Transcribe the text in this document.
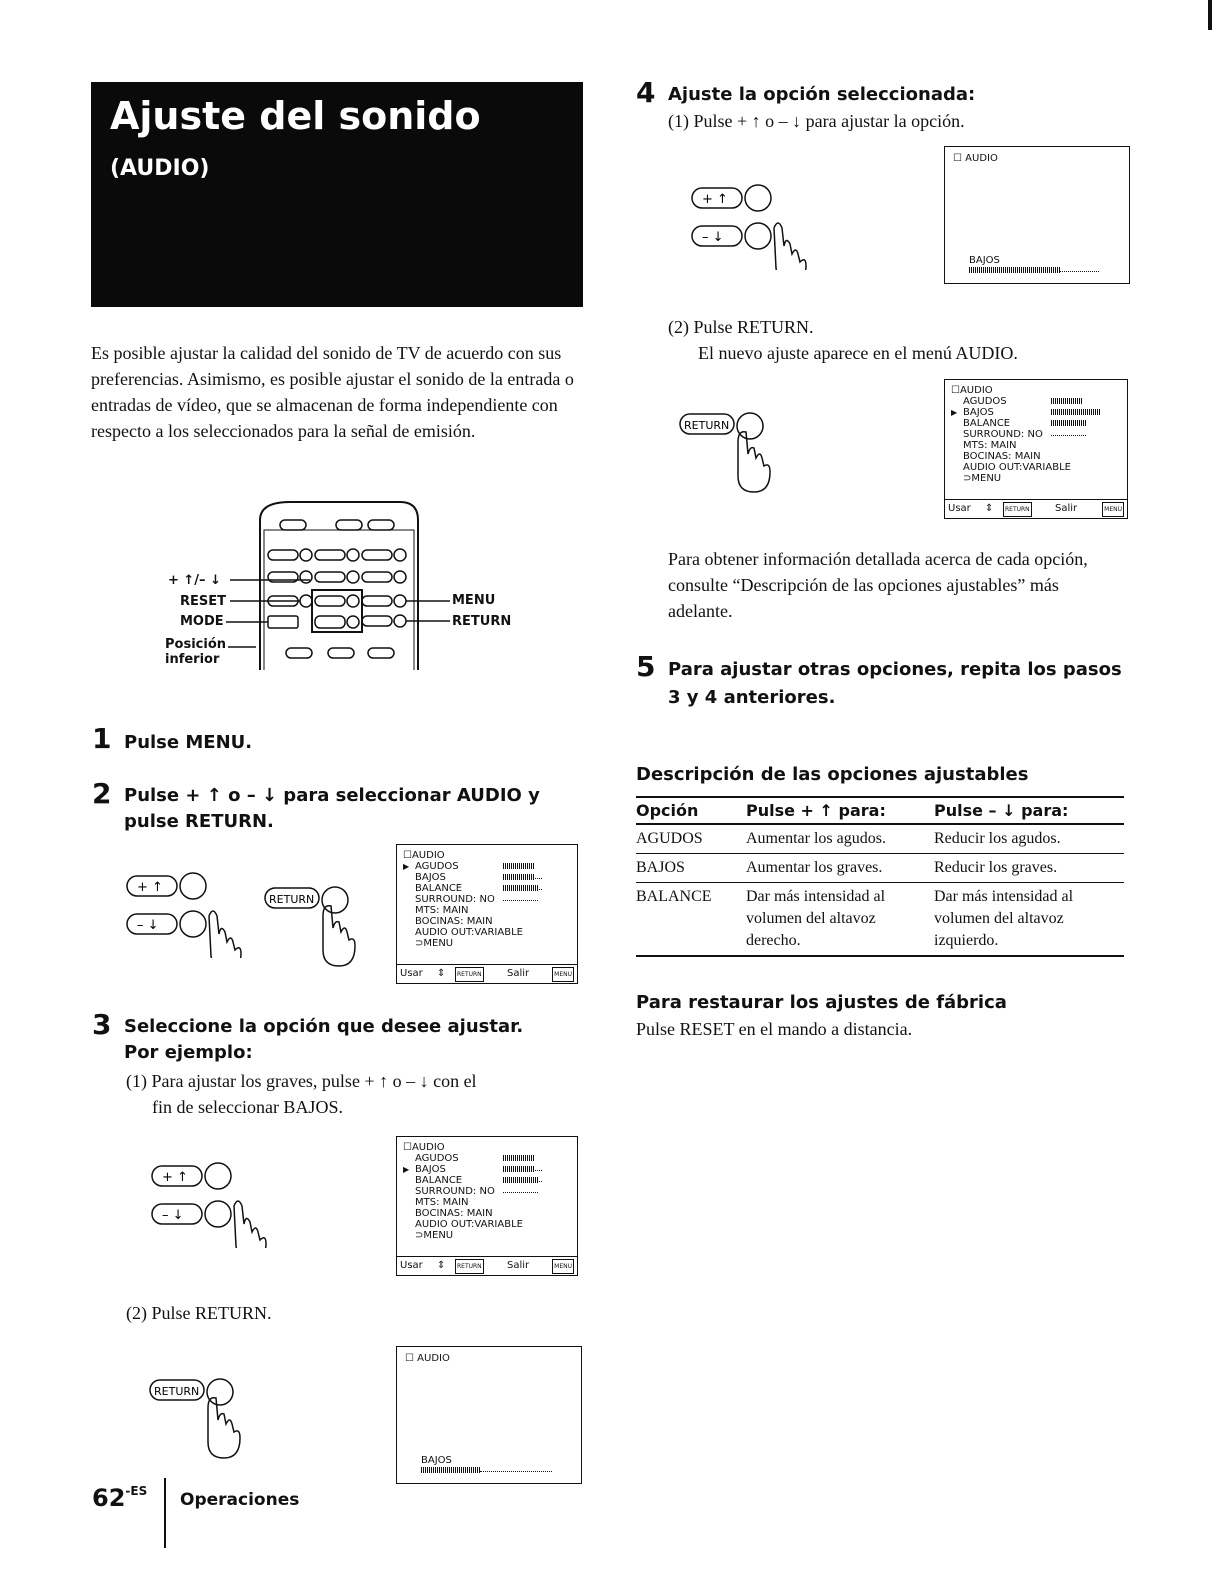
Ajuste del sonido
(AUDIO)
Es posible ajustar la calidad del sonido de TV de acuerdo con sus preferencias. Asimismo, es posible ajustar el sonido de la entrada o entradas de vídeo, que se almacenan de forma independiente con respecto a los seleccionados para la señal de emisión.
+ ↑/– ↓
RESET
MODE
Posición
inferior
MENU
RETURN
1 Pulse MENU.
2 Pulse + ↑ o – ↓ para seleccionar AUDIO y
pulse RETURN.
+ ↑
– ↓
RETURN
☐AUDIO
▶ AGUDOS
BAJOS
BALANCE
SURROUND: NO
MTS: MAIN
BOCINAS: MAIN
AUDIO OUT:VARIABLE
⊃MENU
Usar ⇕	RETURN	Salir	MENU
☐AUDIO
AGUDOS
▶ BAJOS
BALANCE
SURROUND: NO
MTS: MAIN
BOCINAS: MAIN
AUDIO OUT:VARIABLE
⊃MENU
Usar ⇕	RETURN	Salir	MENU
☐AUDIO
AGUDOS
▶ BAJOS
BALANCE
SURROUND: NO
MTS: MAIN
BOCINAS: MAIN
AUDIO OUT:VARIABLE
⊃MENU
Usar ⇕	RETURN	Salir	MENU
☐ AUDIO
BAJOS
☐ AUDIO
BAJOS
3 Seleccione la opción que desee ajustar.
Por ejemplo:
(1) Para ajustar los graves, pulse + ↑ o – ↓ con el
fin de seleccionar BAJOS.
+ ↑
– ↓
(2) Pulse RETURN.
RETURN
4 Ajuste la opción seleccionada:
(1) Pulse + ↑ o – ↓ para ajustar la opción.
+ ↑
– ↓
(2) Pulse RETURN.
El nuevo ajuste aparece en el menú AUDIO.
RETURN
Para obtener información detallada acerca de cada opción, consulte “Descripción de las opciones ajustables” más adelante.
5 Para ajustar otras opciones, repita los pasos
3 y 4 anteriores.
Descripción de las opciones ajustables
Opción	Pulse + ↑ para:	Pulse – ↓ para:
AGUDOS	Aumentar los agudos.	Reducir los agudos.
BAJOS	Aumentar los graves.	Reducir los graves.
BALANCE	Dar más intensidad al volumen del altavoz derecho.	Dar más intensidad al volumen del altavoz izquierdo.
Para restaurar los ajustes de fábrica
Pulse RESET en el mando a distancia.
$62^{-ES}$ Operaciones
